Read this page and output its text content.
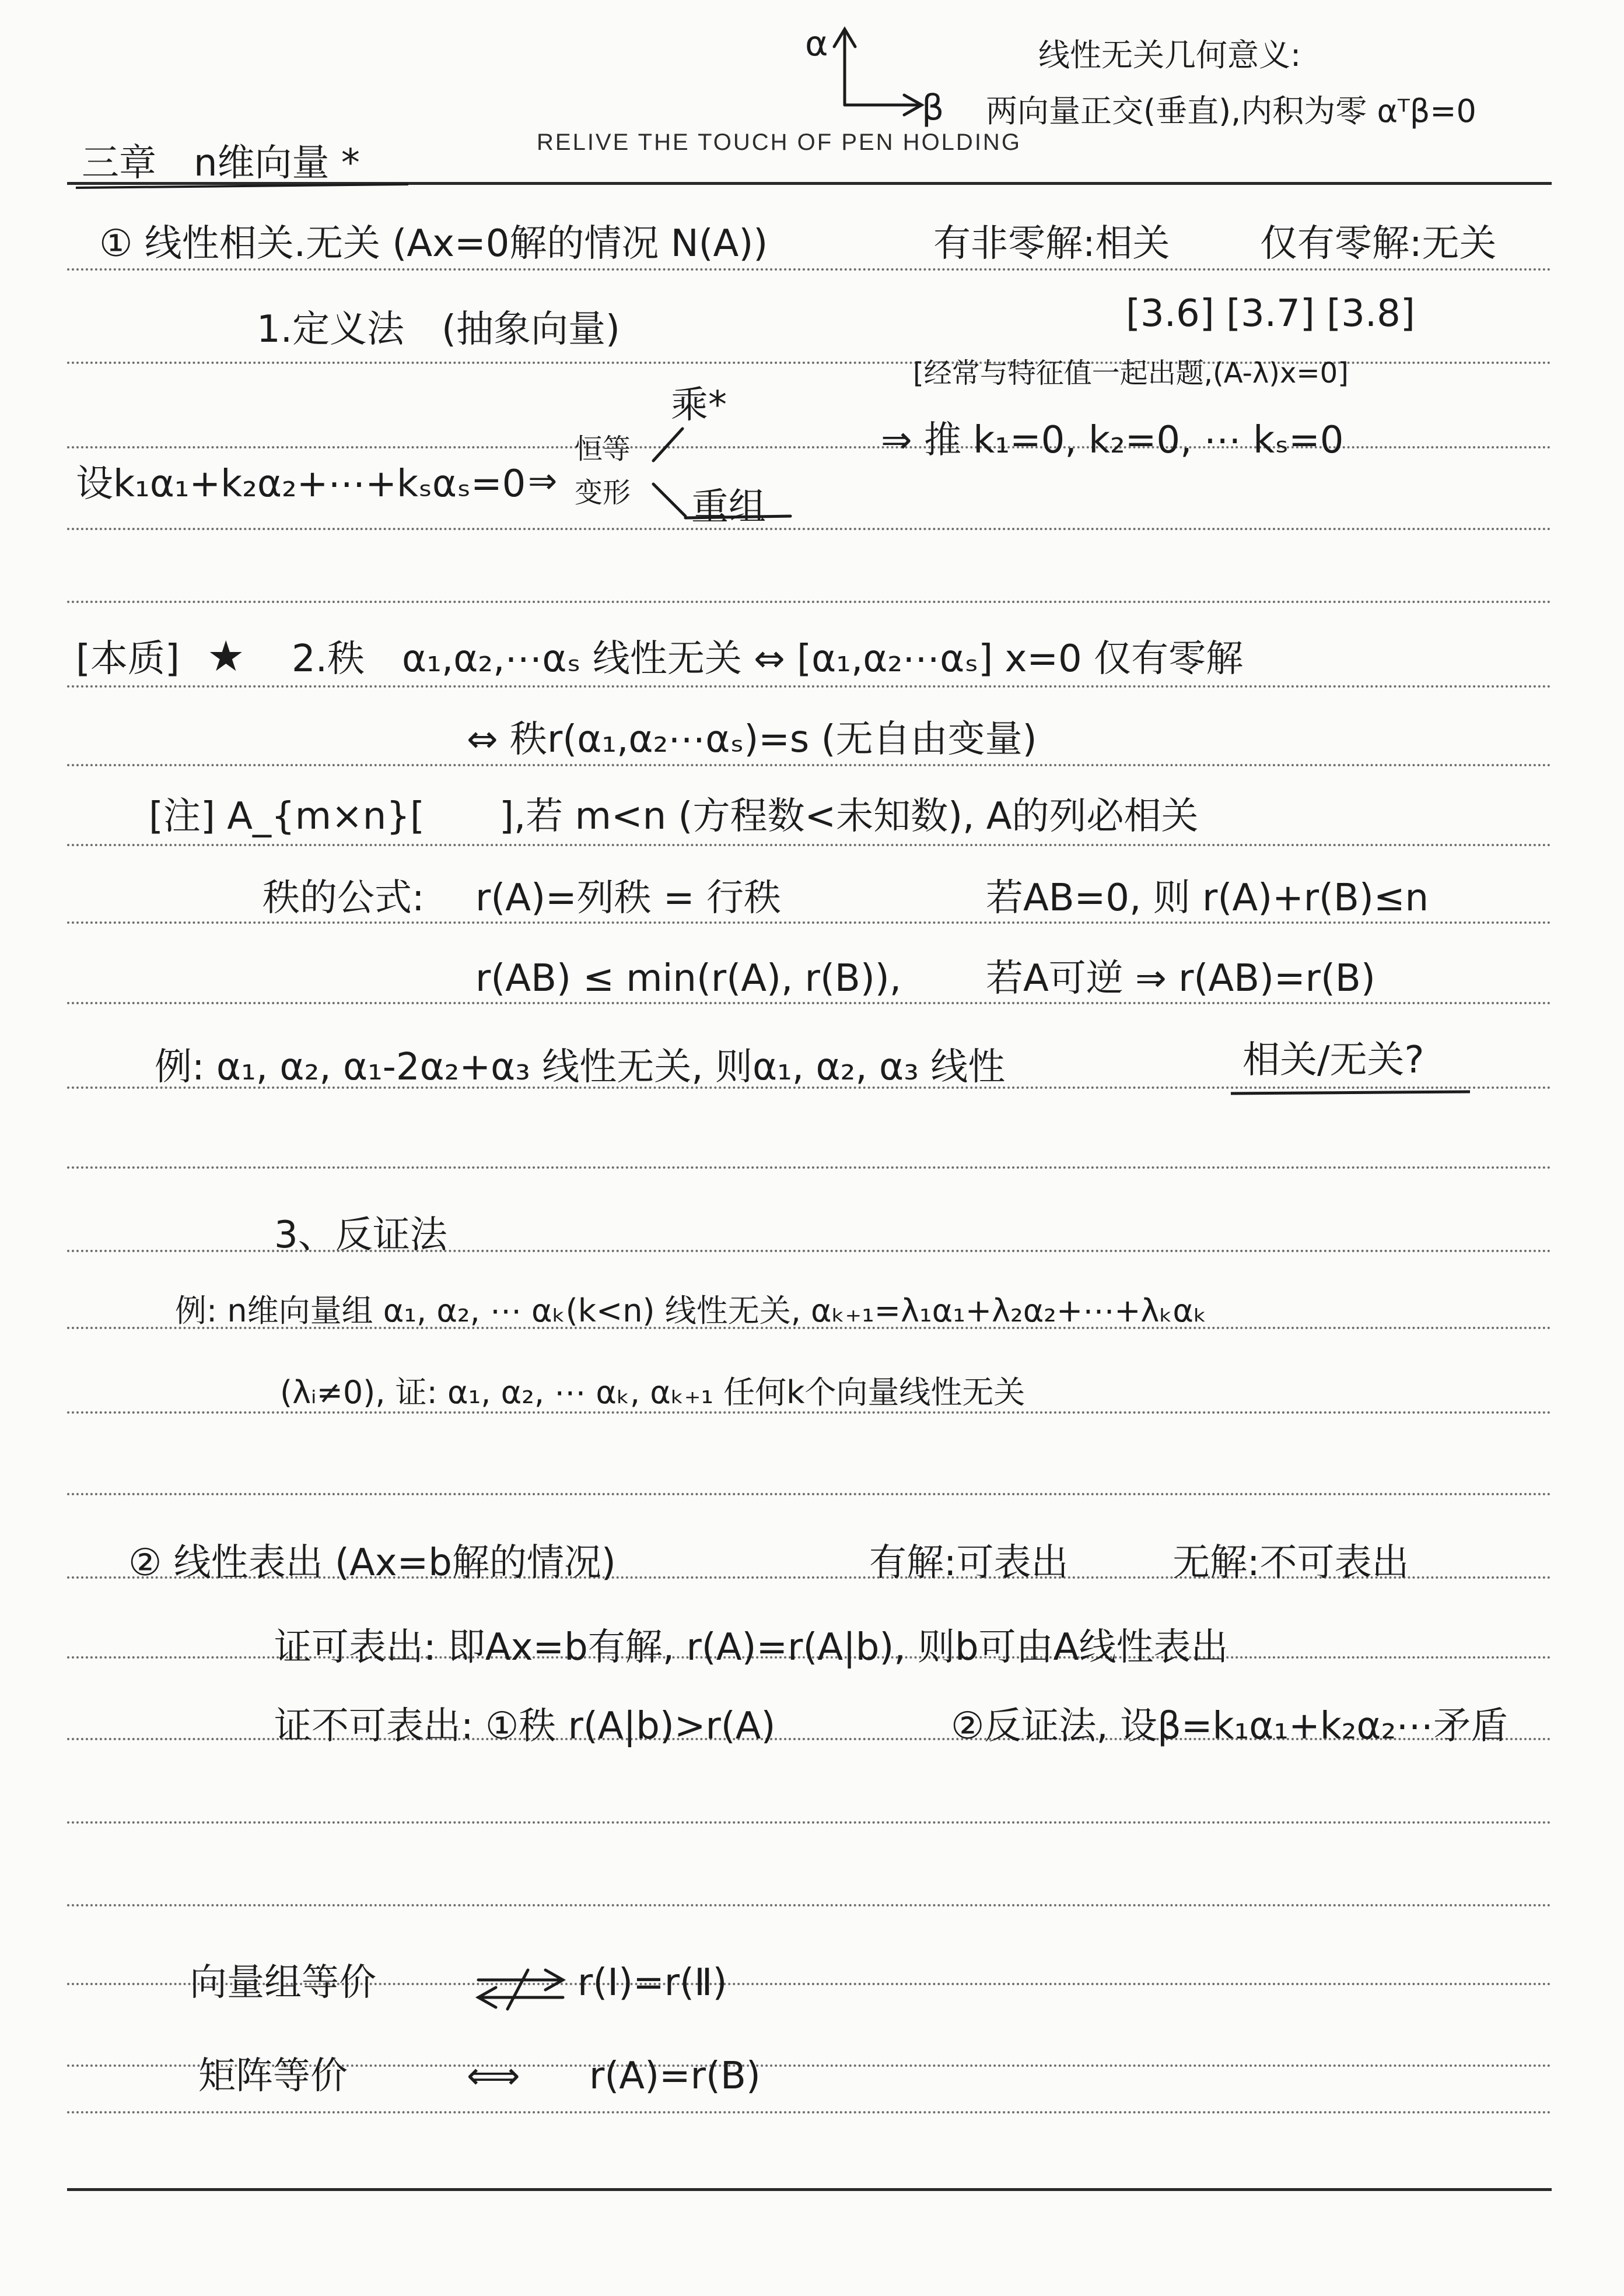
α
β
线性无关几何意义:
两向量正交(垂直),内积为零 αᵀβ=0
RELIVE THE TOUCH OF PEN HOLDING
三章　n维向量 *
① 线性相关.无关 (Ax=0解的情况 N(A))	有非零解:相关 仅有零解:无关
1.定义法　(抽象向量)	[3.6] [3.7] [3.8]
[经常与特征值一起出题,(A-λ)x=0]
乘*
设k₁α₁+k₂α₂+⋯+kₛαₛ=0 ⇒
恒等
变形 重组
⇒ 推 k₁=0, k₂=0, ⋯ kₛ=0
[本质] ★ 2.秩　α₁,α₂,⋯αₛ 线性无关 ⇔ [α₁,α₂⋯αₛ] x=0 仅有零解
⇔ 秩r(α₁,α₂⋯αₛ)=s (无自由变量)
[注] A_{m×n}[　　],若 m<n (方程数<未知数), A的列必相关
秩的公式: r(A)=列秩 = 行秩	若AB=0, 则 r(A)+r(B)≤n
r(AB) ≤ min(r(A), r(B)), 若A可逆 ⇒ r(AB)=r(B)
例: α₁, α₂, α₁-2α₂+α₃ 线性无关, 则α₁, α₂, α₃ 线性	相关/无关?
3、反证法
例: n维向量组 α₁, α₂, ⋯ αₖ(k<n) 线性无关, αₖ₊₁=λ₁α₁+λ₂α₂+⋯+λₖαₖ
(λᵢ≠0), 证: α₁, α₂, ⋯ αₖ, αₖ₊₁ 任何k个向量线性无关
② 线性表出 (Ax=b解的情况)	有解:可表出	无解:不可表出
证可表出: 即Ax=b有解, r(A)=r(A|b), 则b可由A线性表出
证不可表出: ①秩 r(A|b)>r(A)	②反证法, 设β=k₁α₁+k₂α₂⋯矛盾
向量组等价	r(Ⅰ)=r(Ⅱ)
矩阵等价	⟺ r(A)=r(B)
